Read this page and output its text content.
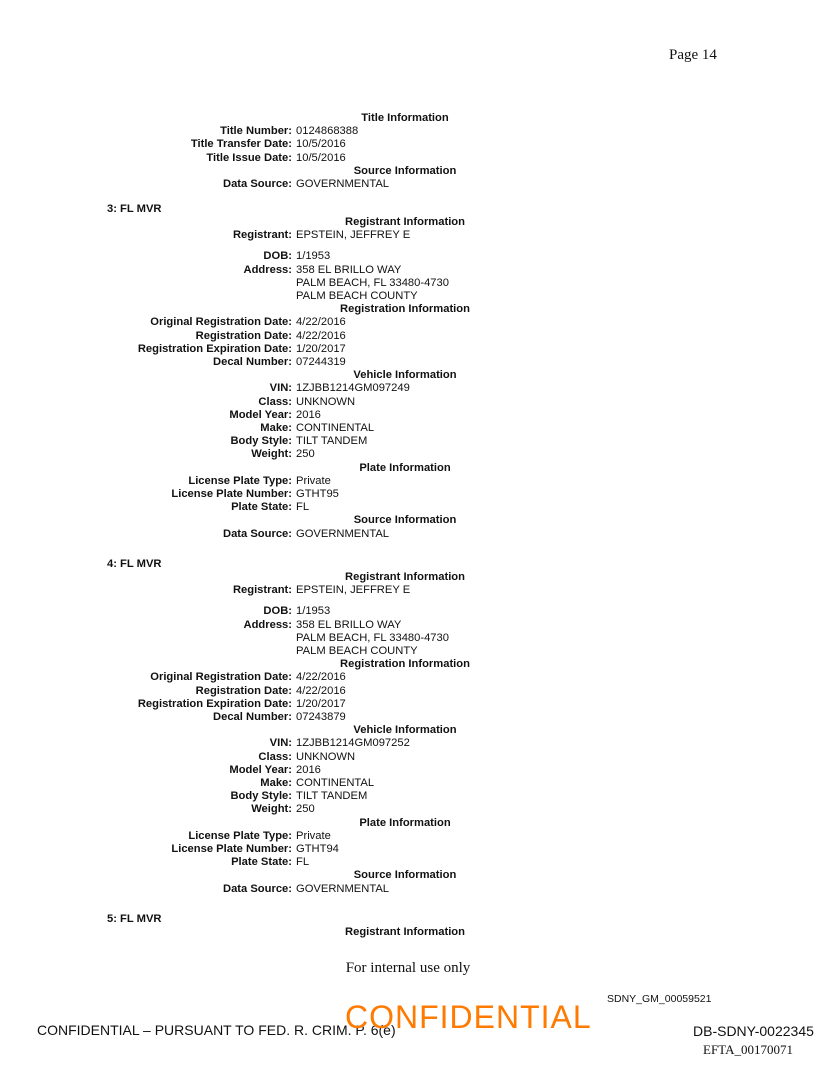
Page 14
Title Information
Title Number: 0124868388
Title Transfer Date: 10/5/2016
Title Issue Date: 10/5/2016
Source Information
Data Source: GOVERNMENTAL
3: FL MVR
Registrant Information
Registrant: EPSTEIN, JEFFREY E
DOB: 1/1953
Address: 358 EL BRILLO WAY
PALM BEACH, FL 33480-4730
PALM BEACH COUNTY
Registration Information
Original Registration Date: 4/22/2016
Registration Date: 4/22/2016
Registration Expiration Date: 1/20/2017
Decal Number: 07244319
Vehicle Information
VIN: 1ZJBB1214GM097249
Class: UNKNOWN
Model Year: 2016
Make: CONTINENTAL
Body Style: TILT TANDEM
Weight: 250
Plate Information
License Plate Type: Private
License Plate Number: GTHT95
Plate State: FL
Source Information
Data Source: GOVERNMENTAL
4: FL MVR
Registrant Information
Registrant: EPSTEIN, JEFFREY E
DOB: 1/1953
Address: 358 EL BRILLO WAY
PALM BEACH, FL 33480-4730
PALM BEACH COUNTY
Registration Information
Original Registration Date: 4/22/2016
Registration Date: 4/22/2016
Registration Expiration Date: 1/20/2017
Decal Number: 07243879
Vehicle Information
VIN: 1ZJBB1214GM097252
Class: UNKNOWN
Model Year: 2016
Make: CONTINENTAL
Body Style: TILT TANDEM
Weight: 250
Plate Information
License Plate Type: Private
License Plate Number: GTHT94
Plate State: FL
Source Information
Data Source: GOVERNMENTAL
5: FL MVR
Registrant Information
For internal use only
SDNY_GM_00059521
CONFIDENTIAL – PURSUANT TO FED. R. CRIM. P. 6(e)
CONFIDENTIAL	DB-SDNY-0022345
EFTA_00170071
